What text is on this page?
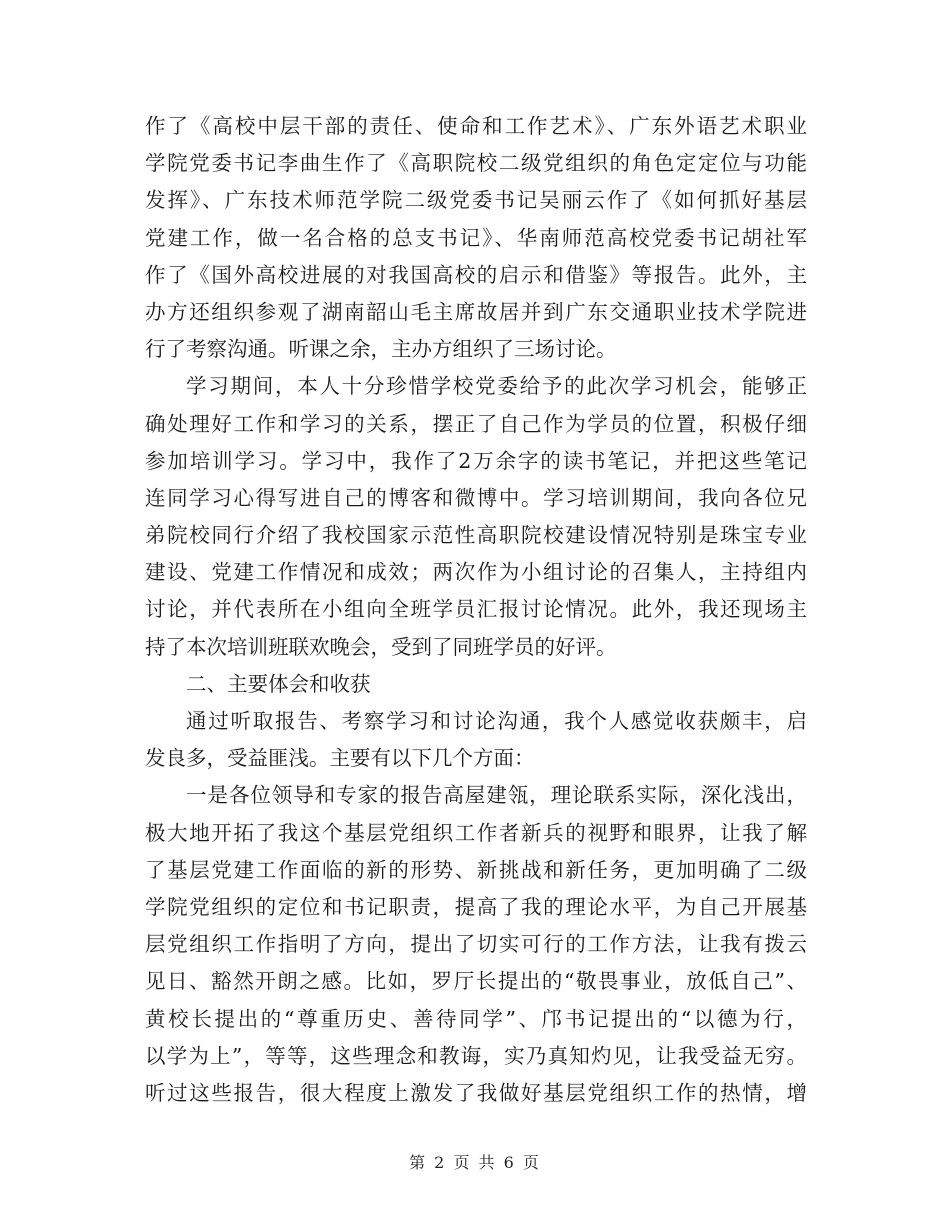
作了《高校中层干部的责任、使命和工作艺术》、广东外语艺术职业
学院党委书记李曲生作了《高职院校二级党组织的角色定定位与功能
发挥》、广东技术师范学院二级党委书记吴丽云作了《如何抓好基层
党建工作，做一名合格的总支书记》、华南师范高校党委书记胡社军
作了《国外高校进展的对我国高校的启示和借鉴》等报告。此外，主
办方还组织参观了湖南韶山毛主席故居并到广东交通职业技术学院进
行了考察沟通。听课之余，主办方组织了三场讨论。
学习期间，本人十分珍惜学校党委给予的此次学习机会，能够正
确处理好工作和学习的关系，摆正了自己作为学员的位置，积极仔细
参加培训学习。学习中，我作了2万余字的读书笔记，并把这些笔记
连同学习心得写进自己的博客和微博中。学习培训期间，我向各位兄
弟院校同行介绍了我校国家示范性高职院校建设情况特别是珠宝专业
建设、党建工作情况和成效；两次作为小组讨论的召集人，主持组内
讨论，并代表所在小组向全班学员汇报讨论情况。此外，我还现场主
持了本次培训班联欢晚会，受到了同班学员的好评。
二、主要体会和收获
通过听取报告、考察学习和讨论沟通，我个人感觉收获颇丰，启
发良多，受益匪浅。主要有以下几个方面：
一是各位领导和专家的报告高屋建瓴，理论联系实际，深化浅出，
极大地开拓了我这个基层党组织工作者新兵的视野和眼界，让我了解
了基层党建工作面临的新的形势、新挑战和新任务，更加明确了二级
学院党组织的定位和书记职责，提高了我的理论水平，为自己开展基
层党组织工作指明了方向，提出了切实可行的工作方法，让我有拨云
见日、豁然开朗之感。比如，罗厅长提出的“敬畏事业，放低自己”、
黄校长提出的“尊重历史、善待同学”、邝书记提出的“以德为行，
以学为上”，等等，这些理念和教诲，实乃真知灼见，让我受益无穷。
听过这些报告，很大程度上激发了我做好基层党组织工作的热情，增
第 2 页 共 6 页
